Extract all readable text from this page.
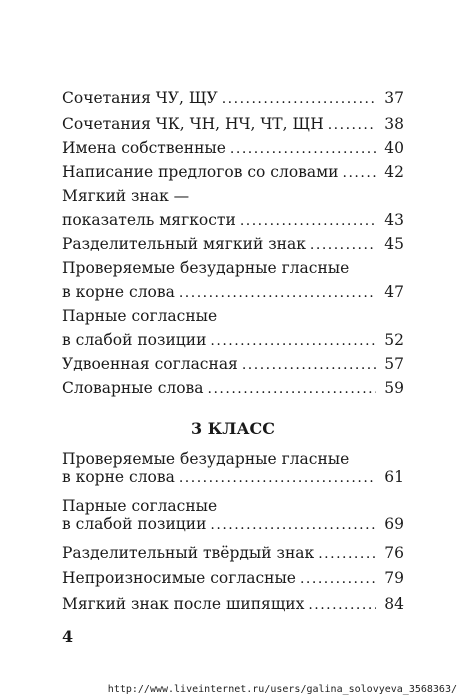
Сочетания ЧУ, ЩУ .....	37
Сочетания ЧК, ЧН, НЧ, ЧТ, ЩН .....	38
Имена собственные .....	40
Написание предлогов со словами .....	42
Мягкий знак —
показатель мягкости .....	43
Разделительный мягкий знак .....	45
Проверяемые безударные гласные
в корне слова .....	47
Парные согласные
в слабой позиции .....	52
Удвоенная согласная .....	57
Словарные слова .....	59
3 КЛАСС
Проверяемые безударные гласные
в корне слова .....	61
Парные согласные
в слабой позиции .....	69
Разделительный твёрдый знак .....	76
Непроизносимые согласные .....	79
Мягкий знак после шипящих .....	84
4
http://www.liveinternet.ru/users/galina_solovyeva_3568363/
